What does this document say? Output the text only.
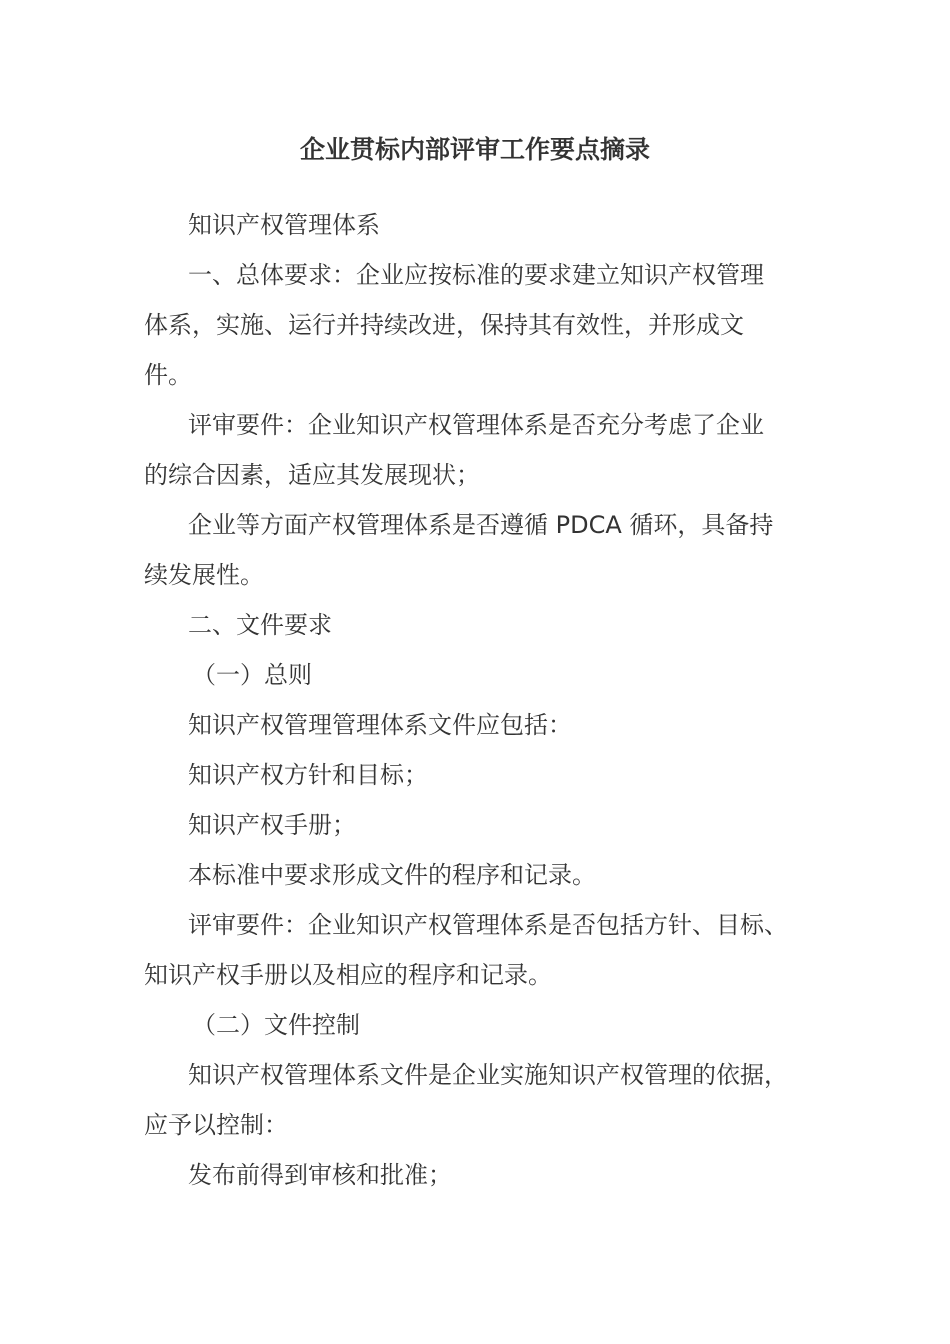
企业贯标内部评审工作要点摘录

知识产权管理体系

一、总体要求：企业应按标准的要求建立知识产权管理
体系，实施、运行并持续改进，保持其有效性，并形成文
件。

评审要件：企业知识产权管理体系是否充分考虑了企业
的综合因素，适应其发展现状；

企业等方面产权管理体系是否遵循 PDCA 循环，具备持
续发展性。

二、文件要求

（一）总则

知识产权管理管理体系文件应包括：

知识产权方针和目标；

知识产权手册；

本标准中要求形成文件的程序和记录。

评审要件：企业知识产权管理体系是否包括方针、目标、
知识产权手册以及相应的程序和记录。

（二）文件控制

知识产权管理体系文件是企业实施知识产权管理的依据，
应予以控制：

发布前得到审核和批准；
